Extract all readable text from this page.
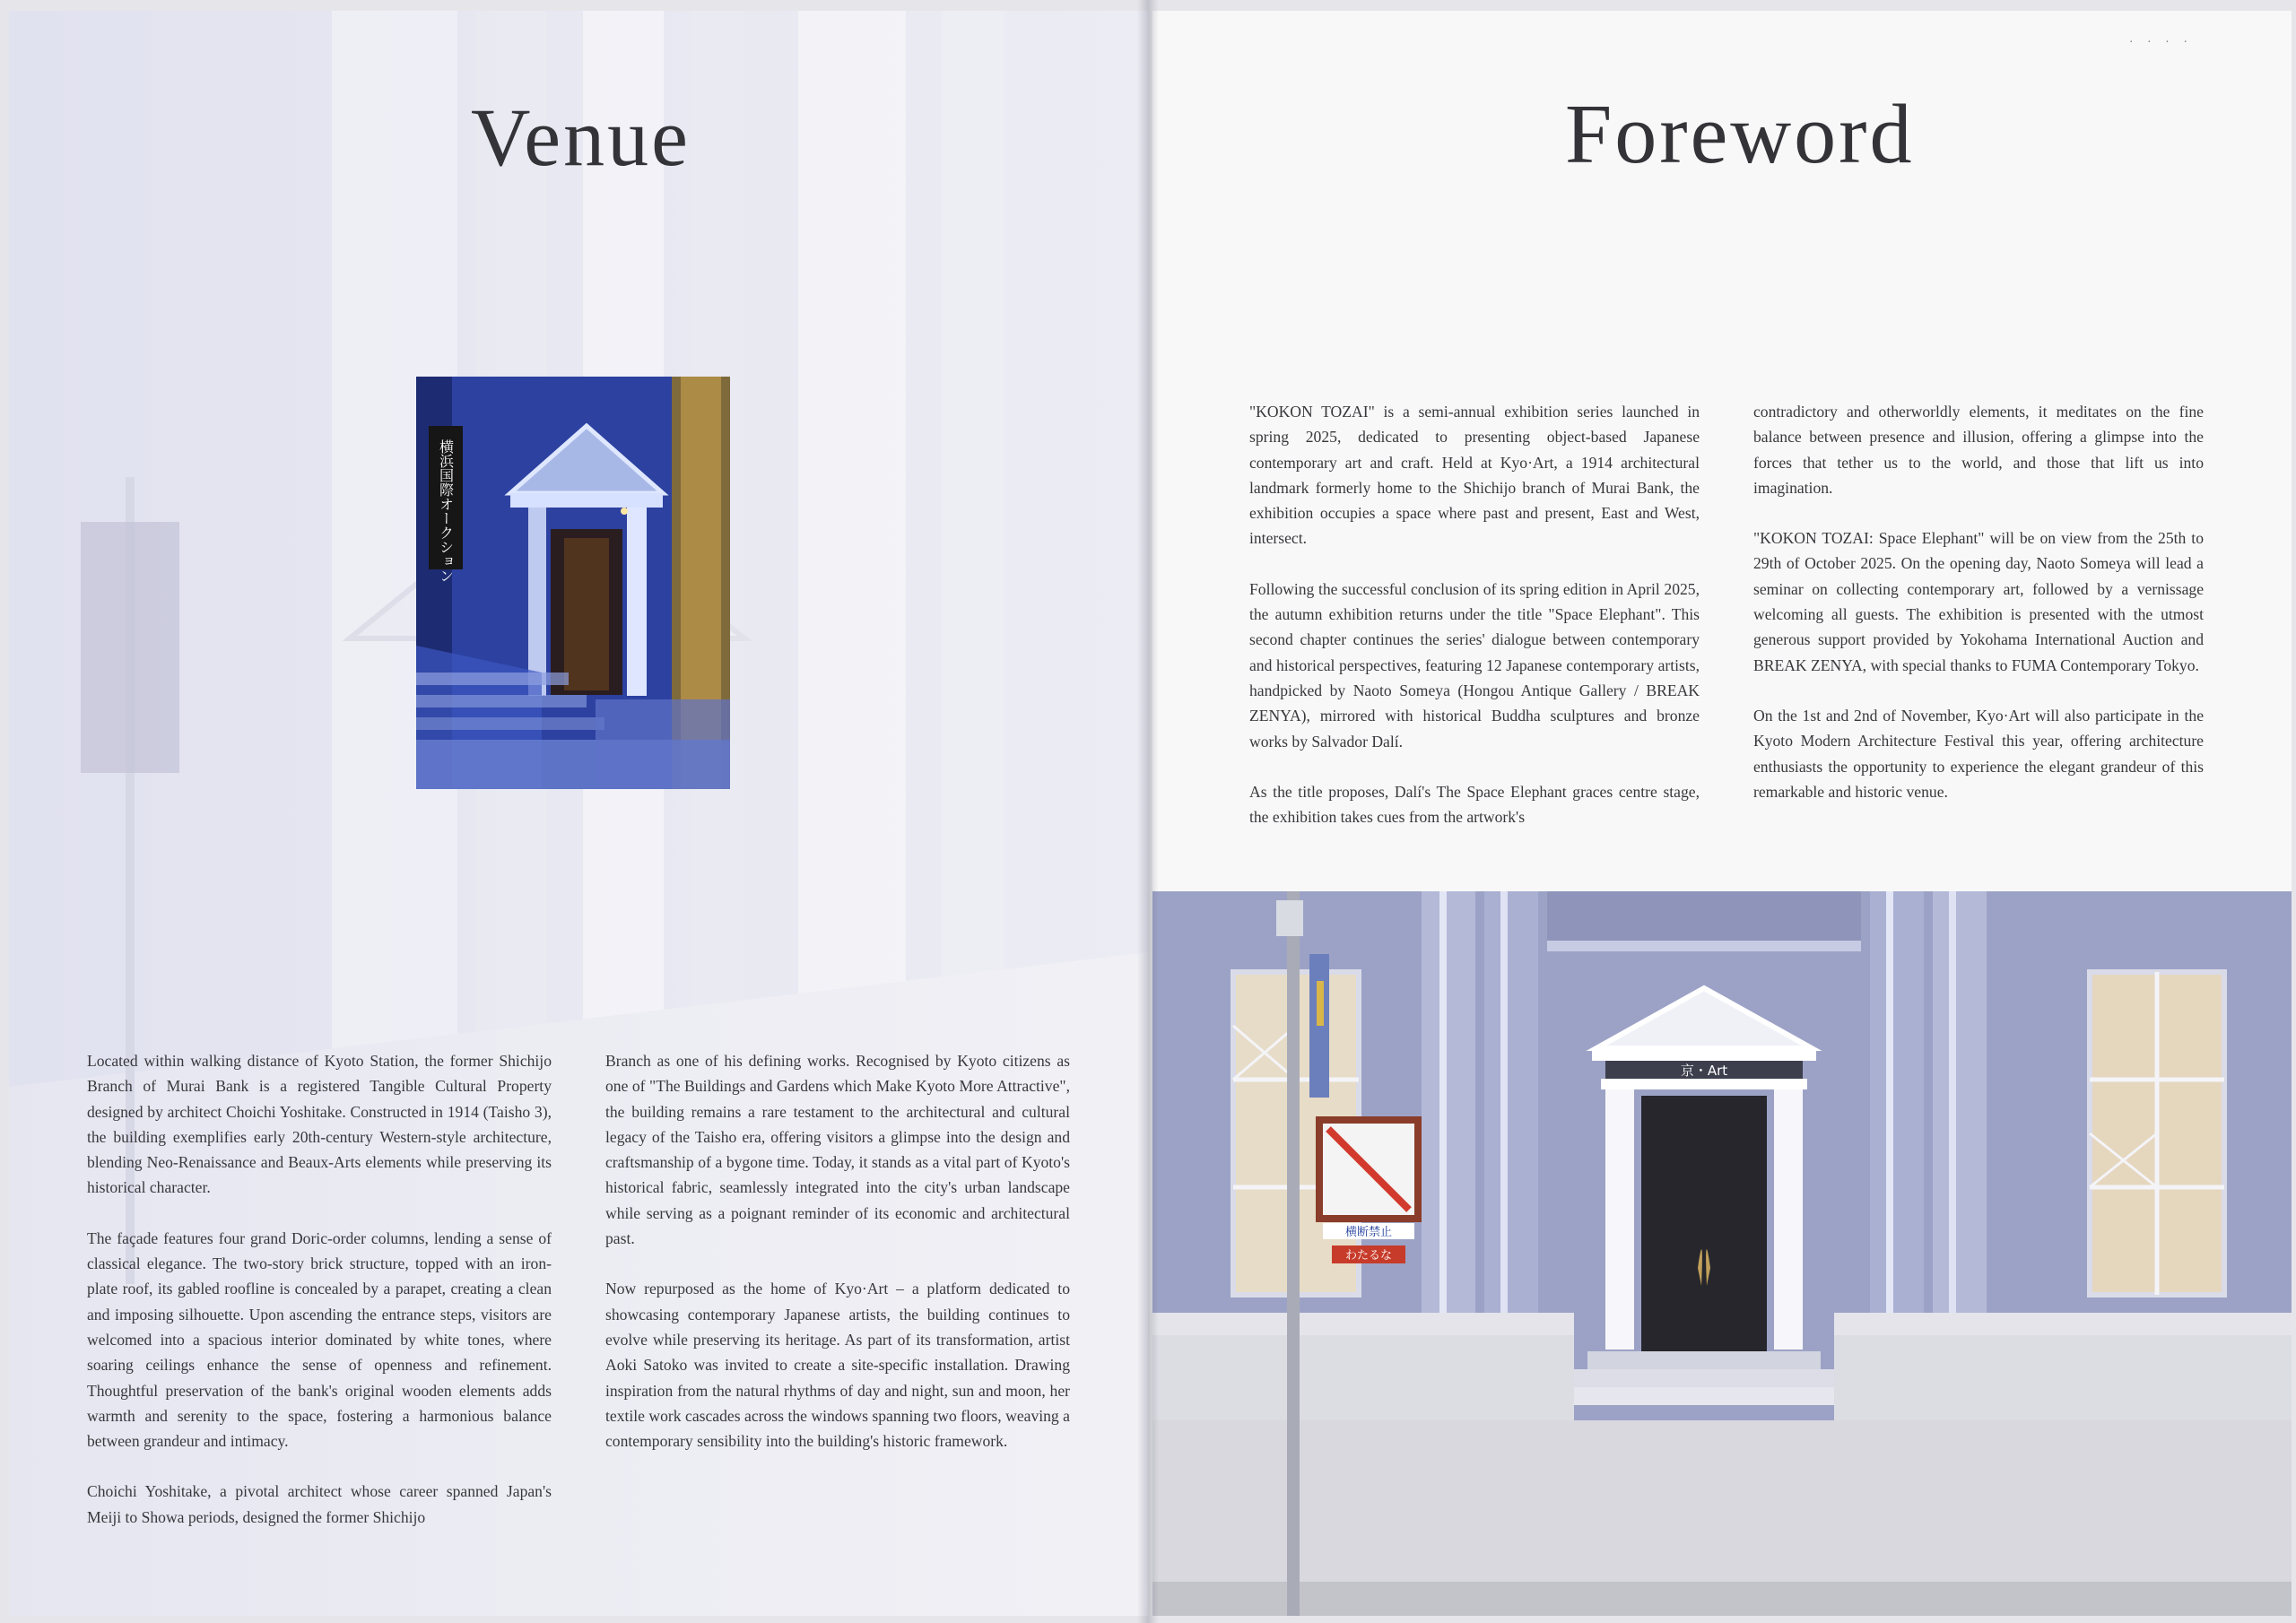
Venue
横浜国際オークション

Located within walking distance of Kyoto Station, the former Shichijo Branch of Murai Bank is a registered Tangible Cultural Property designed by architect Choichi Yoshitake. Constructed in 1914 (Taisho 3), the building exemplifies early 20th-century Western-style architecture, blending Neo-Renaissance and Beaux-Arts elements while preserving its historical character.

The façade features four grand Doric-order columns, lending a sense of classical elegance. The two-story brick structure, topped with an iron-plate roof, its gabled roofline is concealed by a parapet, creating a clean and imposing silhouette. Upon ascending the entrance steps, visitors are welcomed into a spacious interior dominated by white tones, where soaring ceilings enhance the sense of openness and refinement. Thoughtful preservation of the bank's original wooden elements adds warmth and serenity to the space, fostering a harmonious balance between grandeur and intimacy.

Choichi Yoshitake, a pivotal architect whose career spanned Japan's Meiji to Showa periods, designed the former Shichijo

Branch as one of his defining works. Recognised by Kyoto citizens as one of "The Buildings and Gardens which Make Kyoto More Attractive", the building remains a rare testament to the architectural and cultural legacy of the Taisho era, offering visitors a glimpse into the design and craftsmanship of a bygone time. Today, it stands as a vital part of Kyoto's historical fabric, seamlessly integrated into the city's urban landscape while serving as a poignant reminder of its economic and architectural past.

Now repurposed as the home of Kyo·Art – a platform dedicated to showcasing contemporary Japanese artists, the building continues to evolve while preserving its heritage. As part of its transformation, artist Aoki Satoko was invited to create a site-specific installation. Drawing inspiration from the natural rhythms of day and night, sun and moon, her textile work cascades across the windows spanning two floors, weaving a contemporary sensibility into the building's historic framework.

· · · ·
Foreword

"KOKON TOZAI" is a semi-annual exhibition series launched in spring 2025, dedicated to presenting object-based Japanese contemporary art and craft. Held at Kyo·Art, a 1914 architectural landmark formerly home to the Shichijo branch of Murai Bank, the exhibition occupies a space where past and present, East and West, intersect.

Following the successful conclusion of its spring edition in April 2025, the autumn exhibition returns under the title "Space Elephant". This second chapter continues the series' dialogue between contemporary and historical perspectives, featuring 12 Japanese contemporary artists, handpicked by Naoto Someya (Hongou Antique Gallery / BREAK ZENYA), mirrored with historical Buddha sculptures and bronze works by Salvador Dalí.

As the title proposes, Dalí's The Space Elephant graces centre stage, the exhibition takes cues from the artwork's

contradictory and otherworldly elements, it meditates on the fine balance between presence and illusion, offering a glimpse into the forces that tether us to the world, and those that lift us into imagination.

"KOKON TOZAI: Space Elephant" will be on view from the 25th to 29th of October 2025. On the opening day, Naoto Someya will lead a seminar on collecting contemporary art, followed by a vernissage welcoming all guests. The exhibition is presented with the utmost generous support provided by Yokohama International Auction and BREAK ZENYA, with special thanks to FUMA Contemporary Tokyo.

On the 1st and 2nd of November, Kyo·Art will also participate in the Kyoto Modern Architecture Festival this year, offering architecture enthusiasts the opportunity to experience the elegant grandeur of this remarkable and historic venue.

京・Art
横断禁止
わたるな
